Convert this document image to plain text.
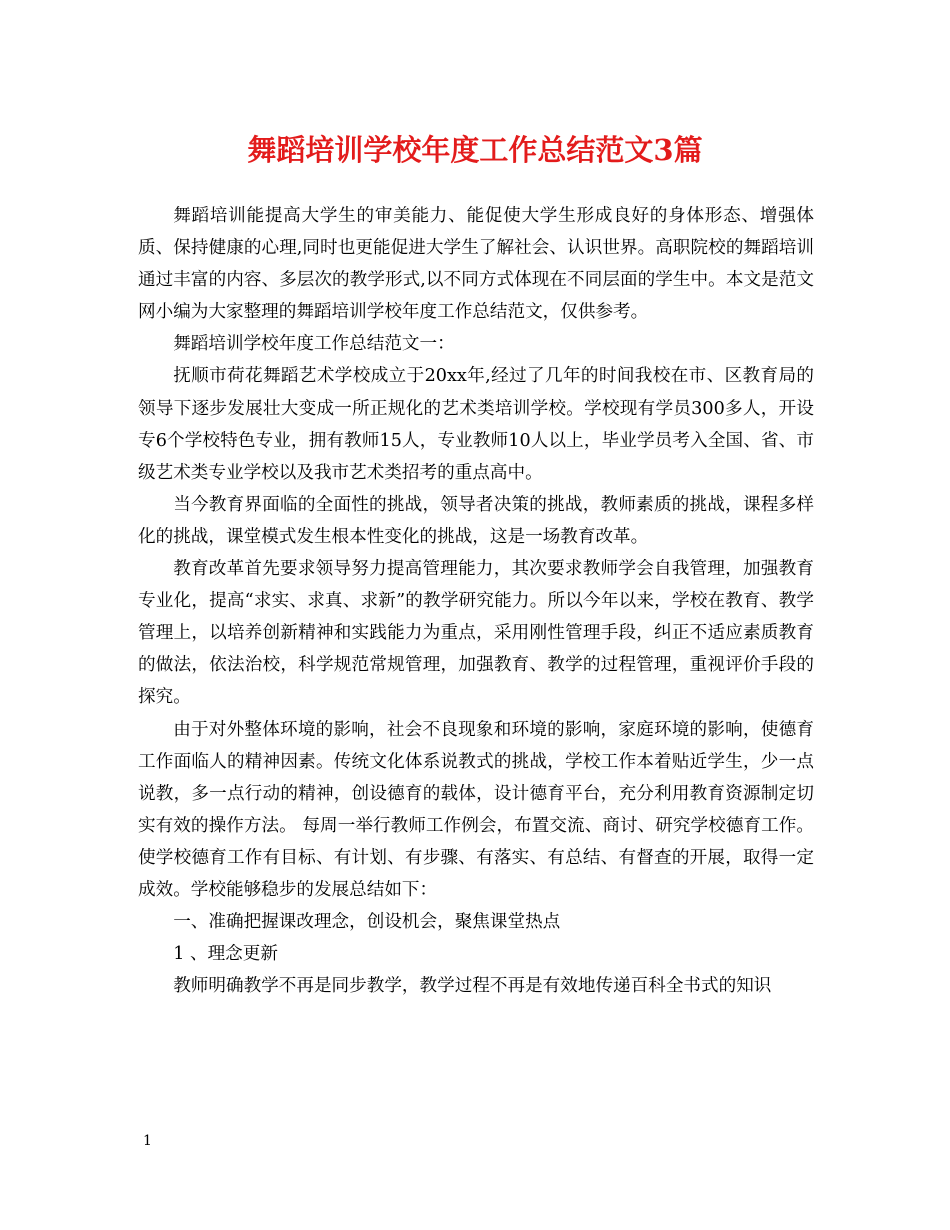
舞蹈培训学校年度工作总结范文3篇

舞蹈培训能提高大学生的审美能力、能促使大学生形成良好的身体形态、增强体质、保持健康的心理,同时也更能促进大学生了解社会、认识世界。高职院校的舞蹈培训通过丰富的内容、多层次的教学形式,以不同方式体现在不同层面的学生中。本文是范文网小编为大家整理的舞蹈培训学校年度工作总结范文，仅供参考。

舞蹈培训学校年度工作总结范文一：

抚顺市荷花舞蹈艺术学校成立于20xx年,经过了几年的时间我校在市、区教育局的领导下逐步发展壮大变成一所正规化的艺术类培训学校。学校现有学员300多人，开设专6个学校特色专业，拥有教师15人，专业教师10人以上，毕业学员考入全国、省、市级艺术类专业学校以及我市艺术类招考的重点高中。

当今教育界面临的全面性的挑战，领导者决策的挑战，教师素质的挑战，课程多样化的挑战，课堂模式发生根本性变化的挑战，这是一场教育改革。

教育改革首先要求领导努力提高管理能力，其次要求教师学会自我管理，加强教育专业化，提高“求实、求真、求新”的教学研究能力。所以今年以来，学校在教育、教学管理上，以培养创新精神和实践能力为重点，采用刚性管理手段，纠正不适应素质教育的做法，依法治校，科学规范常规管理，加强教育、教学的过程管理，重视评价手段的探究。

由于对外整体环境的影响，社会不良现象和环境的影响，家庭环境的影响，使德育工作面临人的精神因素。传统文化体系说教式的挑战，学校工作本着贴近学生，少一点说教，多一点行动的精神，创设德育的载体，设计德育平台，充分利用教育资源制定切实有效的操作方法。 每周一举行教师工作例会，布置交流、商讨、研究学校德育工作。使学校德育工作有目标、有计划、有步骤、有落实、有总结、有督查的开展，取得一定成效。学校能够稳步的发展总结如下：

一、准确把握课改理念，创设机会，聚焦课堂热点

1 、理念更新

教师明确教学不再是同步教学，教学过程不再是有效地传递百科全书式的知识

1
